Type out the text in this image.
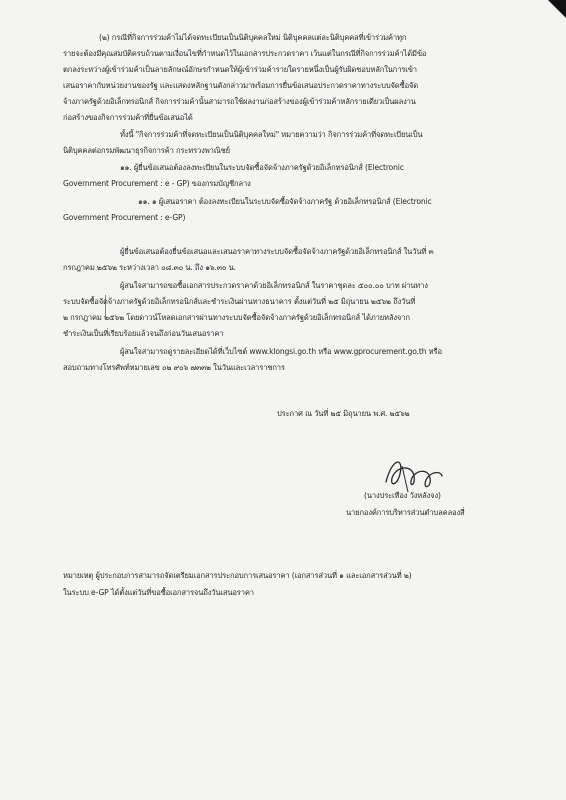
(๒) กรณีที่กิจการร่วมค้าไม่ได้จดทะเบียนเป็นนิติบุคคลใหม่ นิติบุคคลแต่ละนิติบุคคลที่เข้าร่วมค้าทุก
รายจะต้องมีคุณสมบัติครบถ้วนตามเงื่อนไขที่กำหนดไว้ในเอกสารประกวดราคา เว้นแต่ในกรณีที่กิจการร่วมค้าได้มีข้อ
ตกลงระหว่างผู้เข้าร่วมค้าเป็นลายลักษณ์อักษรกำหนดให้ผู้เข้าร่วมค้ารายใดรายหนึ่งเป็นผู้รับผิดชอบหลักในการเข้า
เสนอราคากับหน่วยงานของรัฐ และแสดงหลักฐานดังกล่าวมาพร้อมการยื่นข้อเสนอประกวดราคาทางระบบจัดซื้อจัด
จ้างภาครัฐด้วยอิเล็กทรอนิกส์ กิจการร่วมค้านั้นสามารถใช้ผลงานก่อสร้างของผู้เข้าร่วมค้าหลักรายเดียวเป็นผลงาน
ก่อสร้างของกิจการร่วมค้าที่ยื่นข้อเสนอได้
ทั้งนี้ "กิจการร่วมค้าที่จดทะเบียนเป็นนิติบุคคลใหม่" หมายความว่า กิจการร่วมค้าที่จดทะเบียนเป็น
นิติบุคคลต่อกรมพัฒนาธุรกิจการค้า กระทรวงพาณิชย์
๑๑. ผู้ยื่นข้อเสนอต้องลงทะเบียนในระบบจัดซื้อจัดจ้างภาครัฐด้วยอิเล็กทรอนิกส์ (Electronic
Government Procurement : e - GP) ของกรมบัญชีกลาง
๑๑. ๑ ผู้เสนอราคา ต้องลงทะเบียนในระบบจัดซื้อจัดจ้างภาครัฐ ด้วยอิเล็กทรอนิกส์ (Electronic
Government Procurement : e-GP)
ผู้ยื่นข้อเสนอต้องยื่นข้อเสนอและเสนอราคาทางระบบจัดซื้อจัดจ้างภาครัฐด้วยอิเล็กทรอนิกส์ ในวันที่ ๓
กรกฎาคม ๒๕๖๒ ระหว่างเวลา ๐๘.๓๐ น. ถึง ๑๖.๓๐ น.
ผู้สนใจสามารถขอซื้อเอกสารประกวดราคาด้วยอิเล็กทรอนิกส์ ในราคาชุดละ ๕๐๐.๐๐ บาท ผ่านทาง
ระบบจัดซื้อจัดจ้างภาครัฐด้วยอิเล็กทรอนิกส์และชำระเงินผ่านทางธนาคาร ตั้งแต่วันที่ ๒๕ มิถุนายน ๒๕๖๒ ถึงวันที่
๒ กรกฎาคม ๒๕๖๒ โดยดาวน์โหลดเอกสารผ่านทางระบบจัดซื้อจัดจ้างภาครัฐด้วยอิเล็กทรอนิกส์ ได้ภายหลังจาก
ชำระเงินเป็นที่เรียบร้อยแล้วจนถึงก่อนวันเสนอราคา
ผู้สนใจสามารถดูรายละเอียดได้ที่เว็บไซต์ www.klongsi.go.th หรือ www.gprocurement.go.th หรือ
สอบถามทางโทรศัพท์หมายเลข ๐๒ ๙๐๖ ๗๓๓๒ ในวันและเวลาราชการ
ประกาศ ณ วันที่ ๒๕ มิถุนายน พ.ศ. ๒๕๖๒
(นางประเทือง วังหลังจง)
นายกองค์การบริหารส่วนตำบลคลองสี่
หมายเหตุ ผู้ประกอบการสามารถจัดเตรียมเอกสารประกอบการเสนอราคา (เอกสารส่วนที่ ๑ และเอกสารส่วนที่ ๒)
ในระบบ e-GP ได้ตั้งแต่วันที่ขอซื้อเอกสารจนถึงวันเสนอราคา
